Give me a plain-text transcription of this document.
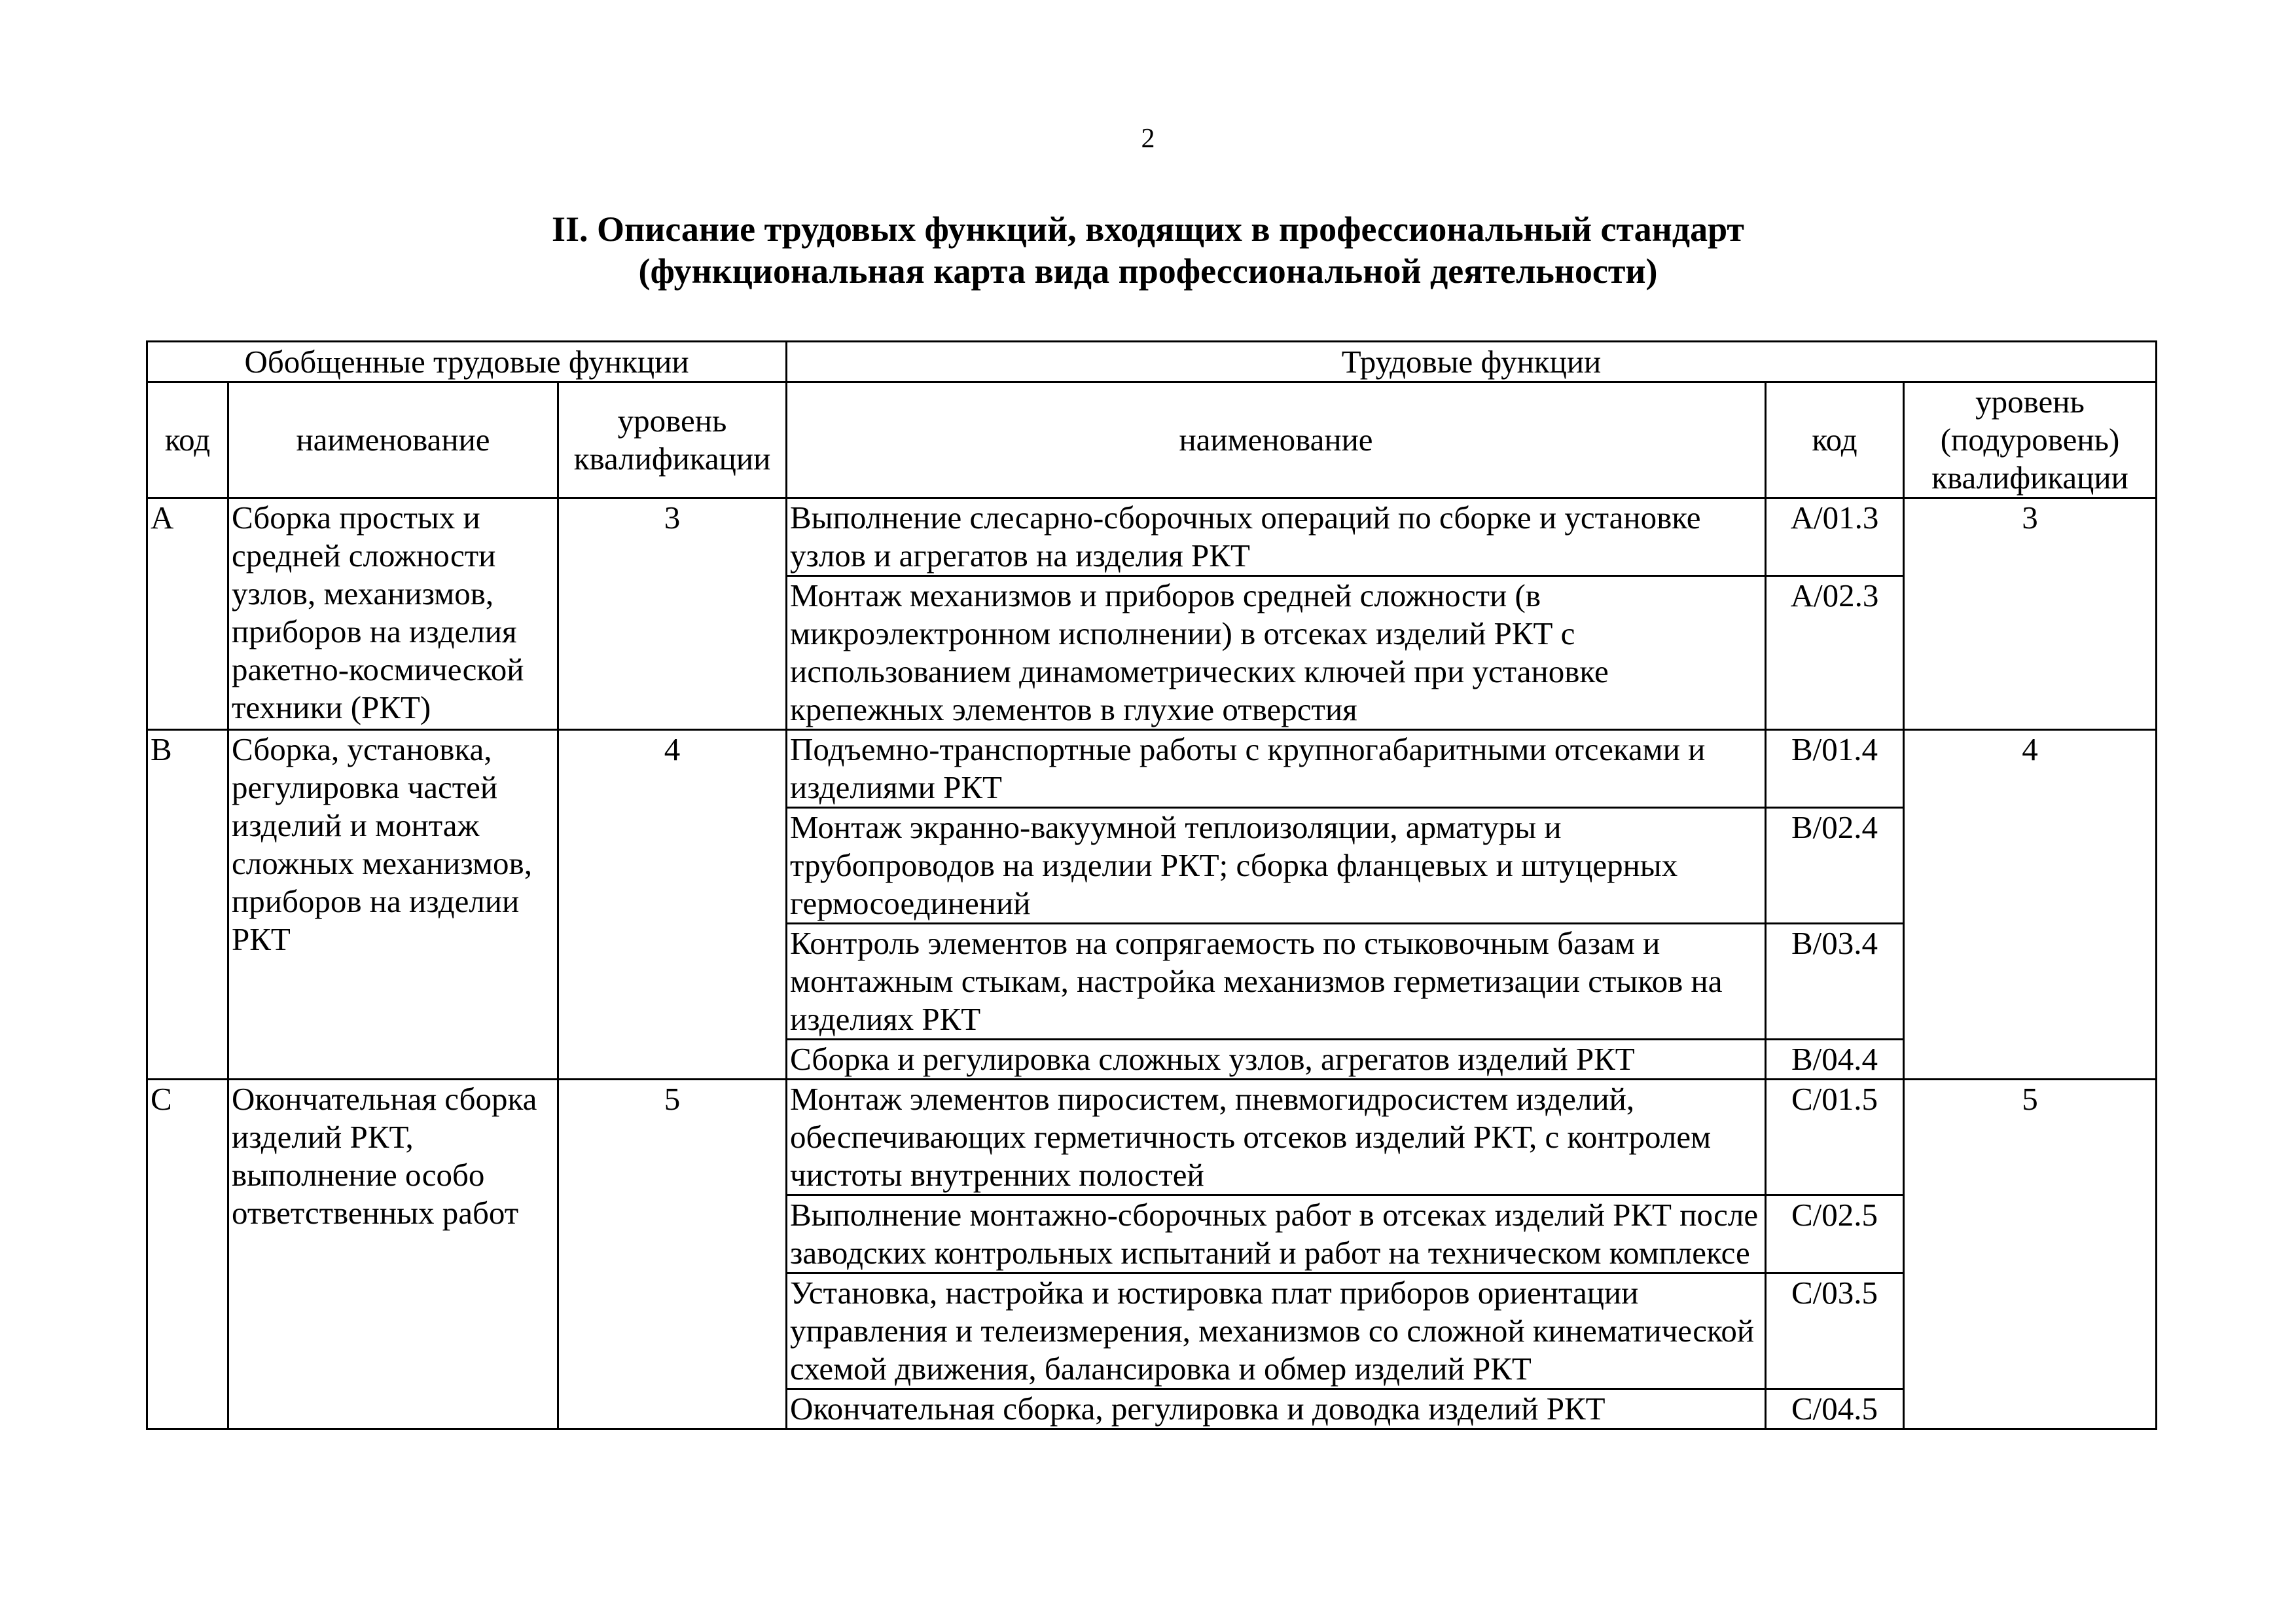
2
II. Описание трудовых функций, входящих в профессиональный стандарт
(функциональная карта вида профессиональной деятельности)
Обобщенные трудовые функции			Трудовые функции		
код	наименование	уровень квалификации	наименование	код	уровень (подуровень) квалификации
A	Сборка простых и средней сложности узлов, механизмов, приборов на изделия ракетно-космической техники (РКТ)	3	Выполнение слесарно-сборочных операций по сборке и установке узлов и агрегатов на изделия РКТ	A/01.3	3
			Монтаж механизмов и приборов средней сложности (в микроэлектронном исполнении) в отсеках изделий РКТ с использованием динамометрических ключей при установке крепежных элементов в глухие отверстия	A/02.3	
B	Сборка, установка, регулировка частей изделий и монтаж сложных механизмов, приборов на изделии РКТ	4	Подъемно-транспортные работы с крупногабаритными отсеками и изделиями РКТ	B/01.4	4
			Монтаж экранно-вакуумной теплоизоляции, арматуры и трубопроводов на изделии РКТ; сборка фланцевых и штуцерных гермосоединений	B/02.4	
			Контроль элементов на сопрягаемость по стыковочным базам и монтажным стыкам, настройка механизмов герметизации стыков на изделиях РКТ	B/03.4	
			Сборка и регулировка сложных узлов, агрегатов изделий РКТ	B/04.4	
C	Окончательная сборка изделий РКТ, выполнение особо ответственных работ	5	Монтаж элементов пиросистем, пневмогидросистем изделий, обеспечивающих герметичность отсеков изделий РКТ, с контролем чистоты внутренних полостей	C/01.5	5
			Выполнение монтажно-сборочных работ в отсеках изделий РКТ после заводских контрольных испытаний и работ на техническом комплексе	C/02.5	
			Установка, настройка и юстировка плат приборов ориентации управления и телеизмерения, механизмов со сложной кинематической схемой движения, балансировка и обмер изделий РКТ	C/03.5	
			Окончательная сборка, регулировка и доводка изделий РКТ	C/04.5	
